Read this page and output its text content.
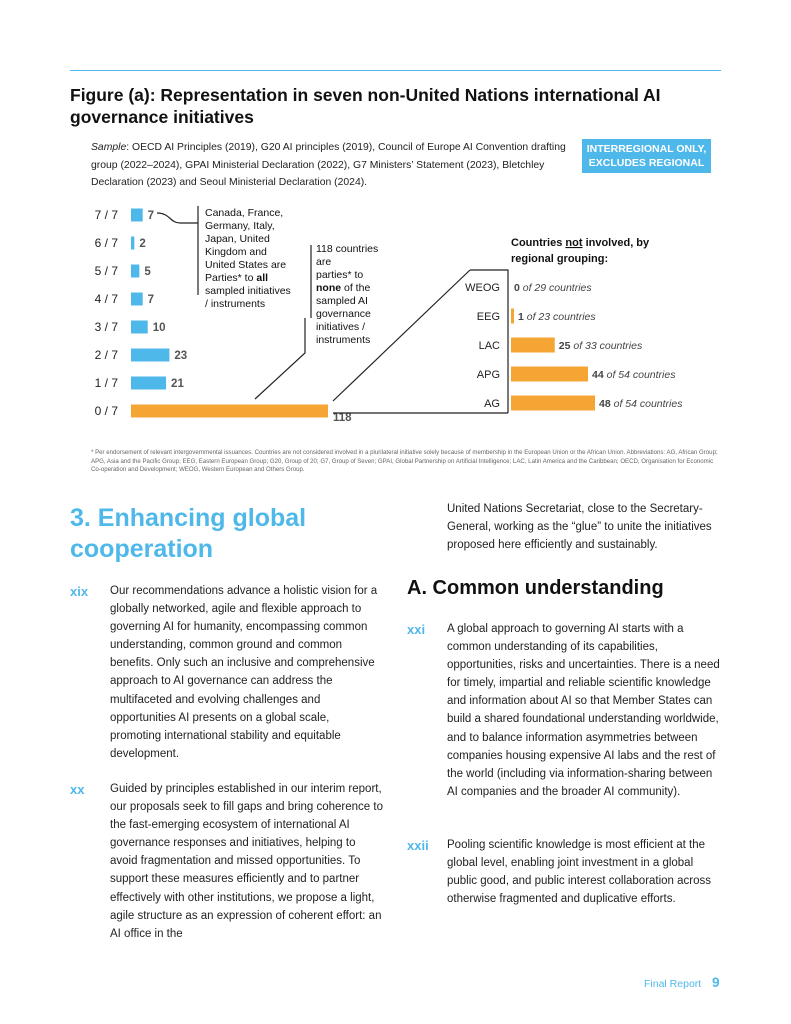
Figure (a): Representation in seven non-United Nations international AI governance initiatives
Sample: OECD AI Principles (2019), G20 AI principles (2019), Council of Europe AI Convention drafting group (2022–2024), GPAI Ministerial Declaration (2022), G7 Ministers’ Statement (2023), Bletchley Declaration (2023) and Seoul Ministerial Declaration (2024).
INTERREGIONAL ONLY,
EXCLUDES REGIONAL
7 / 7
6 / 7
5 / 7
4 / 7
3 / 7
2 / 7
1 / 7
0 / 7
7
2
5
7
10
23
21
118
Canada, France, Germany, Italy, Japan, United Kingdom and United States are Parties* to all sampled initiatives / instruments
118 countries are parties* to none of the sampled AI governance initiatives / instruments
Countries not involved, by regional grouping:
WEOG
EEG
LAC
APG
AG
0 of 29 countries
1 of 23 countries
25 of 33 countries
44 of 54 countries
48 of 54 countries
* Per endorsement of relevant intergovernmental issuances. Countries are not considered involved in a plurilateral initiative solely because of membership in the European Union or the African Union. Abbreviations: AG, African Group; APG, Asia and the Pacific Group; EEG, Eastern European Group; G20, Group of 20; G7, Group of Seven; GPAI, Global Partnership on Artificial Intelligence; LAC, Latin America and the Caribbean; OECD, Organisation for Economic Co-operation and Development; WEOG, Western European and Others Group.
3. Enhancing global cooperation
xix Our recommendations advance a holistic vision for a globally networked, agile and flexible approach to governing AI for humanity, encompassing common understanding, common ground and common benefits. Only such an inclusive and comprehensive approach to AI governance can address the multifaceted and evolving challenges and opportunities AI presents on a global scale, promoting international stability and equitable development.
xx Guided by principles established in our interim report, our proposals seek to fill gaps and bring coherence to the fast-emerging ecosystem of international AI governance responses and initiatives, helping to avoid fragmentation and missed opportunities. To support these measures efficiently and to partner effectively with other institutions, we propose a light, agile structure as an expression of coherent effort: an AI office in the
United Nations Secretariat, close to the Secretary-General, working as the “glue” to unite the initiatives proposed here efficiently and sustainably.
A. Common understanding
xxi A global approach to governing AI starts with a common understanding of its capabilities, opportunities, risks and uncertainties. There is a need for timely, impartial and reliable scientific knowledge and information about AI so that Member States can build a shared foundational understanding worldwide, and to balance information asymmetries between companies housing expensive AI labs and the rest of the world (including via information-sharing between AI companies and the broader AI community).
xxii Pooling scientific knowledge is most efficient at the global level, enabling joint investment in a global public good, and public interest collaboration across otherwise fragmented and duplicative efforts.
Final Report 9
